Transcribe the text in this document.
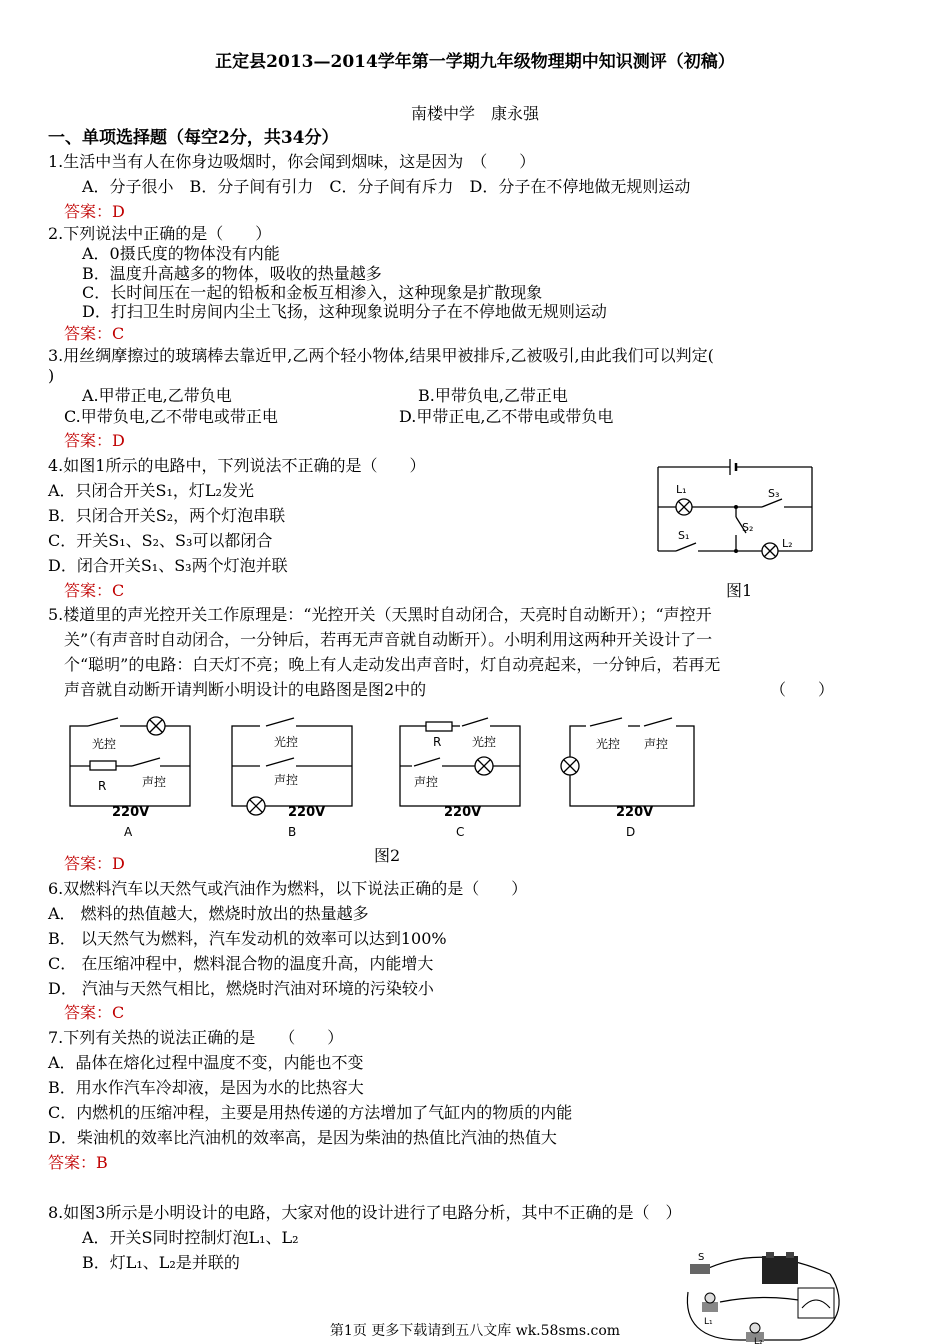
正定县2013—2014学年第一学期九年级物理期中知识测评（初稿）
南楼中学　康永强
一、单项选择题（每空2分，共34分）
1.生活中当有人在你身边吸烟时，你会闻到烟味，这是因为　（　　）
A．分子很小　B．分子间有引力　C．分子间有斥力　D．分子在不停地做无规则运动
答案：D
2.下列说法中正确的是（　　）
A．0摄氏度的物体没有内能
B．温度升高越多的物体，吸收的热量越多
C．长时间压在一起的铅板和金板互相渗入，这种现象是扩散现象
D．打扫卫生时房间内尘土飞扬，这种现象说明分子在不停地做无规则运动
答案：C
3.用丝绸摩擦过的玻璃棒去靠近甲,乙两个轻小物体,结果甲被排斥,乙被吸引,由此我们可以判定(
)
A.甲带正电,乙带负电	B.甲带负电,乙带正电
C.甲带负电,乙不带电或带正电	D.甲带正电,乙不带电或带负电
答案：D
4.如图1所示的电路中，下列说法不正确的是（　　）
A．只闭合开关S₁，灯L₂发光
B．只闭合开关S₂，两个灯泡串联
C．开关S₁、S₂、S₃可以都闭合
D．闭合开关S₁、S₃两个灯泡并联
答案：C	图1
L₁	S₃
S₁
S₂
L₂
5.楼道里的声光控开关工作原理是：“光控开关（天黑时自动闭合，天亮时自动断开）；“声控开
关”（有声音时自动闭合，一分钟后，若再无声音就自动断开）。小明利用这两种开关设计了一
个“聪明”的电路：白天灯不亮；晚上有人走动发出声音时，灯自动亮起来，一分钟后，若再无
声音就自动断开请判断小明设计的电路图是图2中的	（　　）
光控
R	声控
220V
A
光控
声控
220V
B
R	光控
声控
220V
C
光控 声控
220V
D
答案：D	图2
6.双燃料汽车以天然气或汽油作为燃料，以下说法正确的是（　　）
A． 燃料的热值越大，燃烧时放出的热量越多
B． 以天然气为燃料，汽车发动机的效率可以达到100%
C． 在压缩冲程中，燃料混合物的温度升高，内能增大
D． 汽油与天然气相比，燃烧时汽油对环境的污染较小
答案：C
7.下列有关热的说法正确的是　　（　　）
A．晶体在熔化过程中温度不变，内能也不变
B．用水作汽车冷却液，是因为水的比热容大
C．内燃机的压缩冲程，主要是用热传递的方法增加了气缸内的物质的内能
D．柴油机的效率比汽油机的效率高，是因为柴油的热值比汽油的热值大
答案：B
8.如图3所示是小明设计的电路，大家对他的设计进行了电路分析，其中不正确的是（　）
A．开关S同时控制灯泡L₁、L₂
B．灯L₁、L₂是并联的	S
L₁
L₂
第1页 更多下载请到五八文库 wk.58sms.com
